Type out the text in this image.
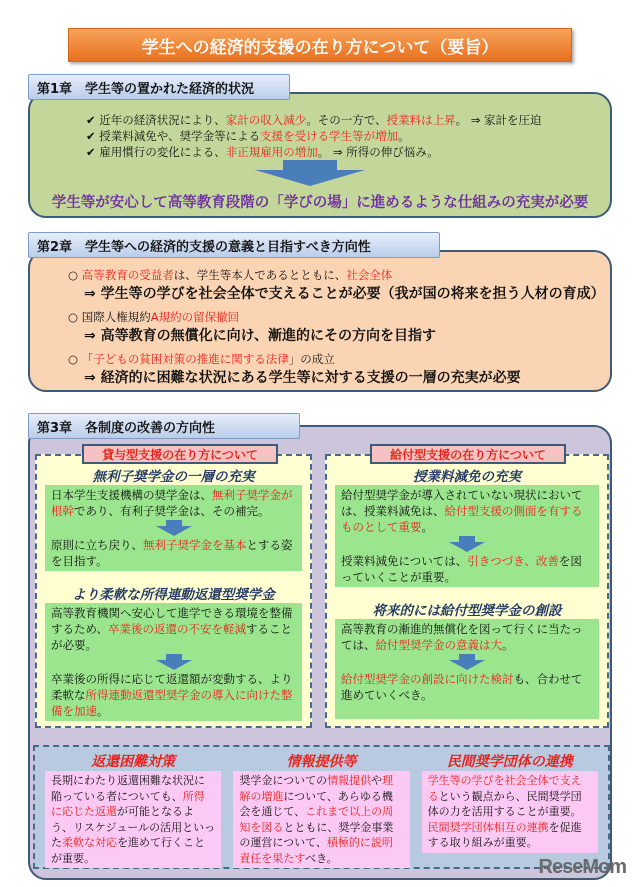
学生への経済的支援の在り方について（要旨）
第1章　学生等の置かれた経済的状況
✔ 近年の経済状況により、家計の収入減少。その一方で、授業料は上昇。 ⇒ 家計を圧迫
✔ 授業料減免や、奨学金等による支援を受ける学生等が増加。
✔ 雇用慣行の変化による、非正規雇用の増加。 ⇒ 所得の伸び悩み。
学生等が安心して高等教育段階の「学びの場」に進めるような仕組みの充実が必要
第2章　学生等への経済的支援の意義と目指すべき方向性
○ 高等教育の受益者は、学生等本人であるとともに、社会全体
⇒ 学生等の学びを社会全体で支えることが必要（我が国の将来を担う人材の育成）
○ 国際人権規約A規約の留保撤回
⇒ 高等教育の無償化に向け、漸進的にその方向を目指す
○ 「子どもの貧困対策の推進に関する法律」の成立
⇒ 経済的に困難な状況にある学生等に対する支援の一層の充実が必要
第3章　各制度の改善の方向性
貸与型支援の在り方について
無利子奨学金の一層の充実
日本学生支援機構の奨学金は、無利子奨学金が根幹であり、有利子奨学金は、その補完。
原則に立ち戻り、無利子奨学金を基本とする姿を目指す。
より柔軟な所得連動返還型奨学金
高等教育機関へ安心して進学できる環境を整備するため、卒業後の返還の不安を軽減することが必要。
卒業後の所得に応じて返還額が変動する、より柔軟な所得連動返還型奨学金の導入に向けた整備を加速。
給付型支援の在り方について
授業料減免の充実
給付型奨学金が導入されていない現状においては、授業料減免は、給付型支援の側面を有するものとして重要。
授業料減免については、引きつづき、改善を図っていくことが重要。
将来的には給付型奨学金の創設
高等教育の漸進的無償化を図って行くに当たっては、給付型奨学金の意義は大。
給付型奨学金の創設に向けた検討も、合わせて進めていくべき。
返還困難対策
長期にわたり返還困難な状況に陥っている者についても、所得に応じた返還が可能となるよう、リスケジュールの活用といった柔軟な対応を進めて行くことが重要。
情報提供等
奨学金についての情報提供や理解の増進について、あらゆる機会を通じて、これまで以上の周知を図るとともに、奨学金事業の運営について、積極的に説明責任を果たすべき。
民間奨学団体の連携
学生等の学びを社会全体で支えるという観点から、民間奨学団体の力を活用することが重要。
民間奨学団体相互の連携を促進する取り組みが重要。
ReseMom
